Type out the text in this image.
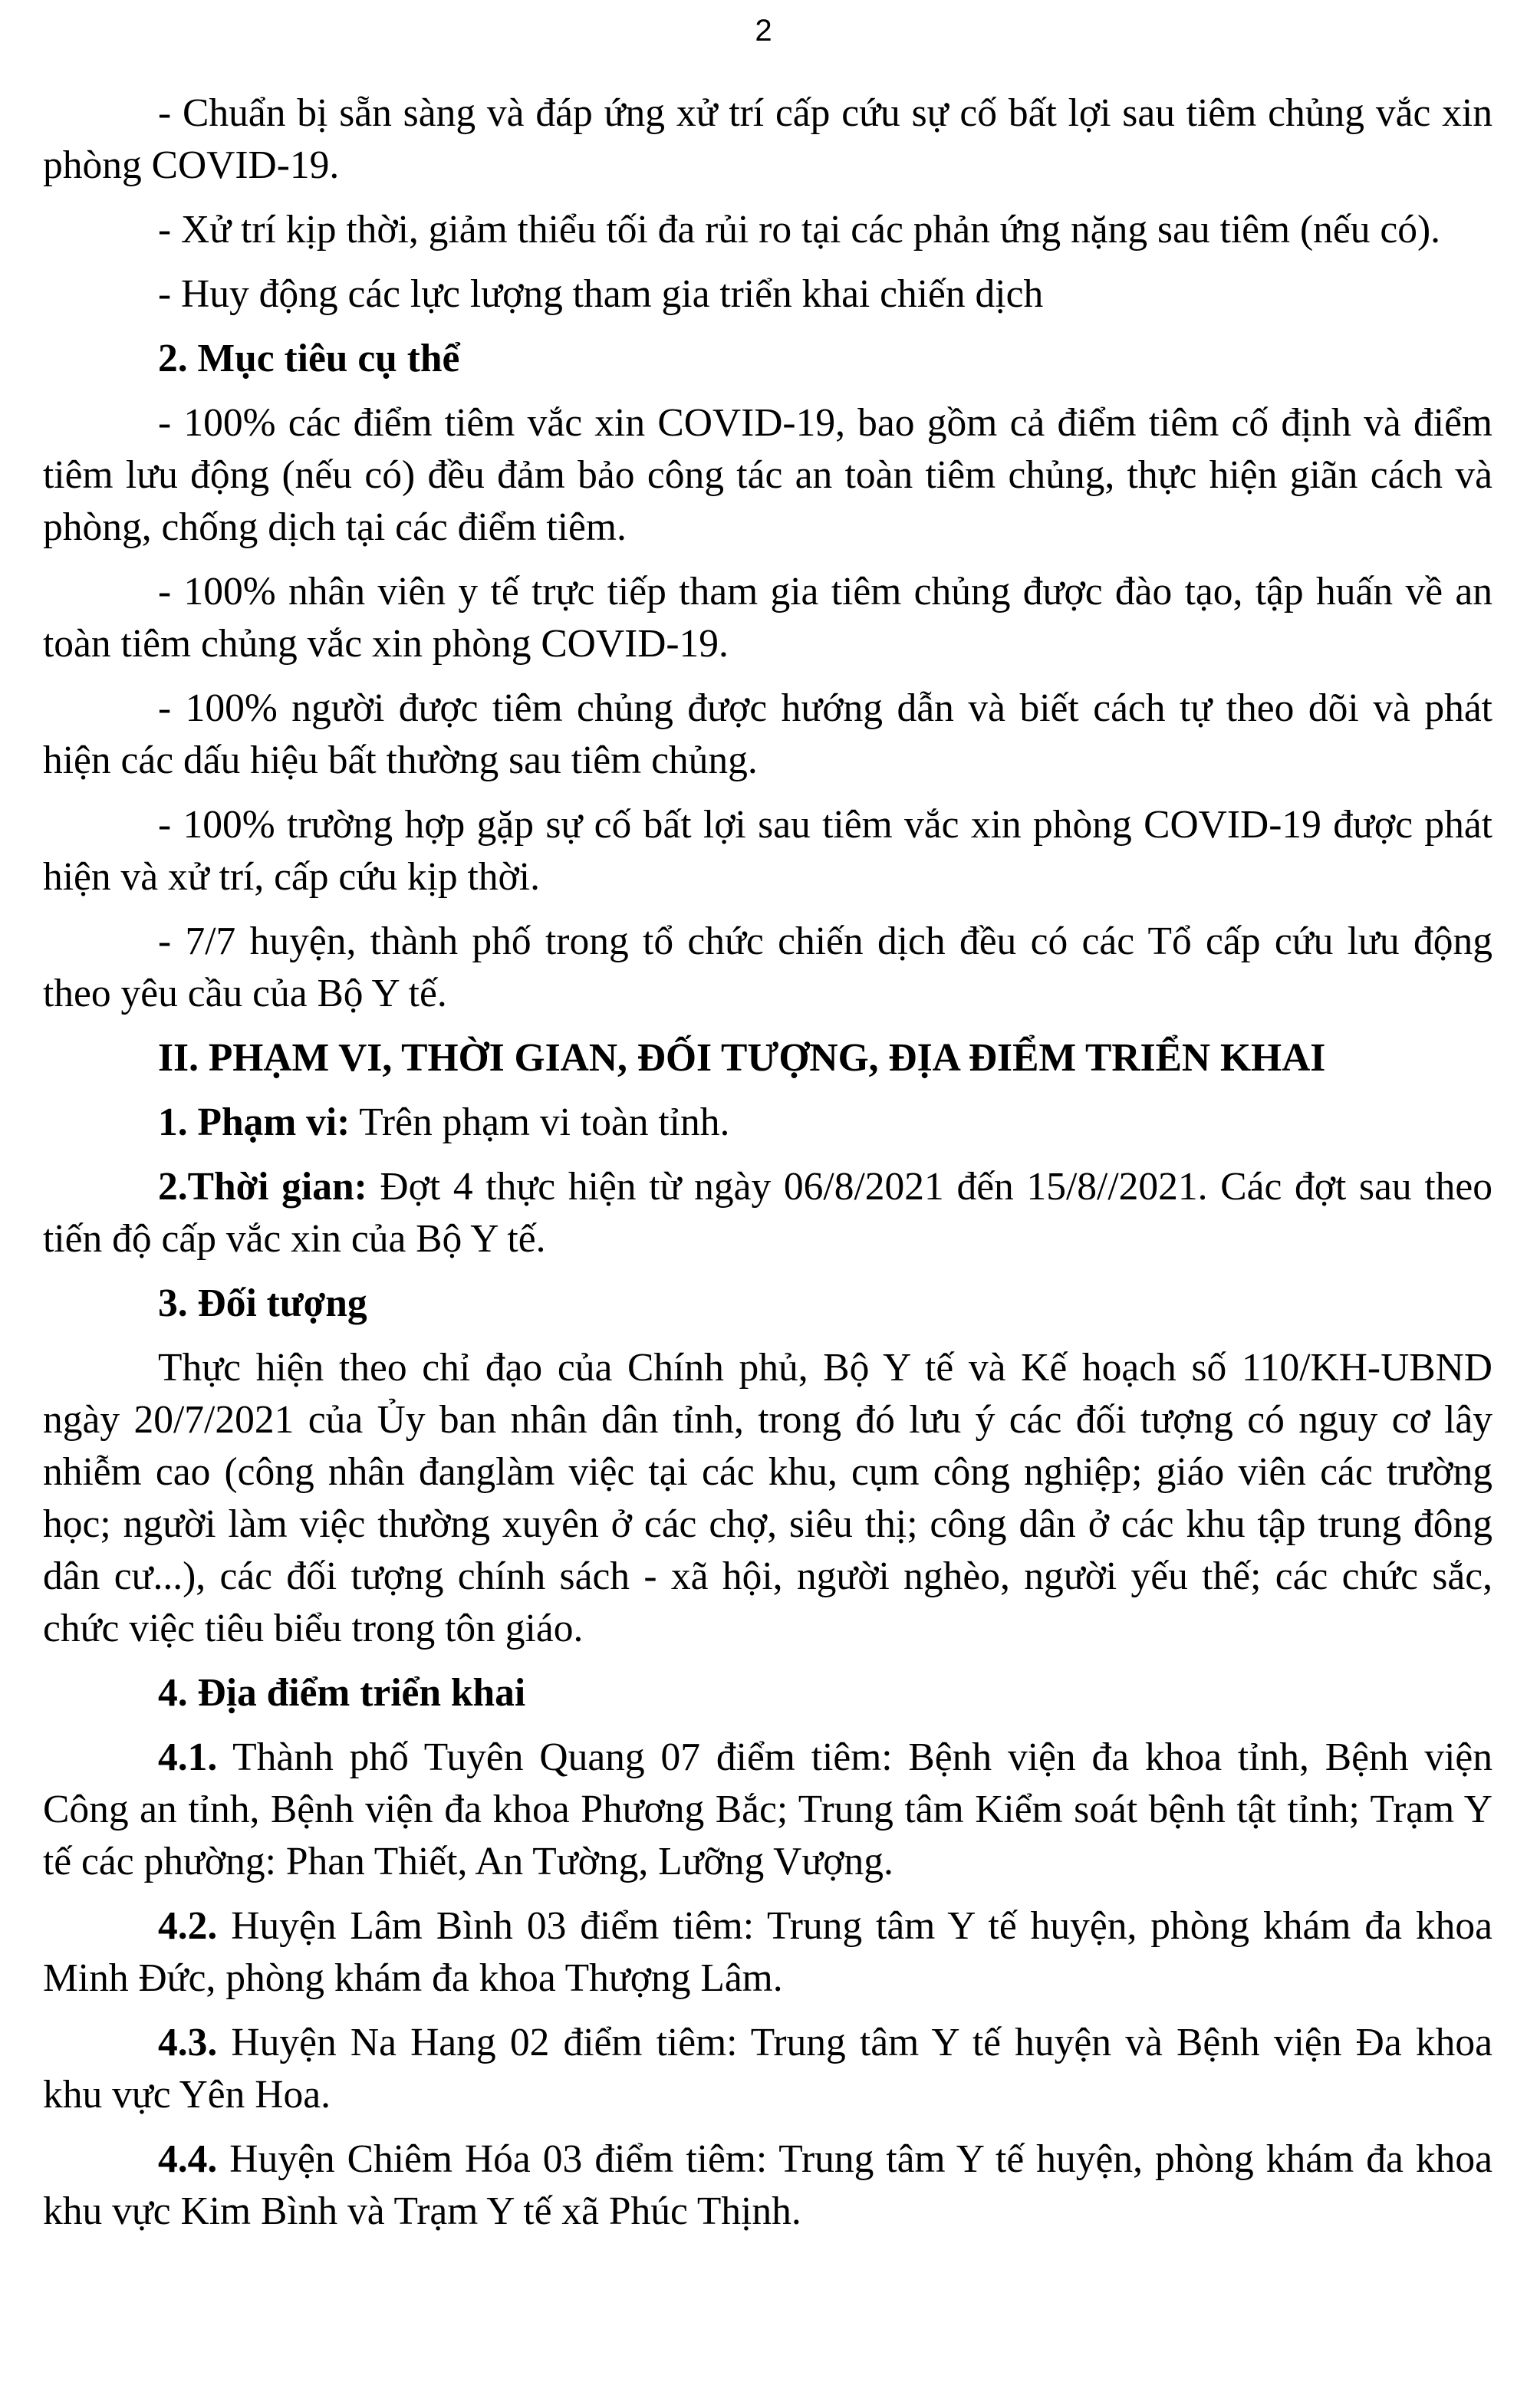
2

- Chuẩn bị sẵn sàng và đáp ứng xử trí cấp cứu sự cố bất lợi sau tiêm chủng vắc xin phòng COVID-19.

- Xử trí kịp thời, giảm thiểu tối đa rủi ro tại các phản ứng nặng sau tiêm (nếu có).

- Huy động các lực lượng tham gia triển khai chiến dịch

2. Mục tiêu cụ thể

- 100% các điểm tiêm vắc xin COVID-19, bao gồm cả điểm tiêm cố định và điểm tiêm lưu động (nếu có) đều đảm bảo công tác an toàn tiêm chủng, thực hiện giãn cách và phòng, chống dịch tại các điểm tiêm.

- 100% nhân viên y tế trực tiếp tham gia tiêm chủng được đào tạo, tập huấn về an toàn tiêm chủng vắc xin phòng COVID-19.

- 100% người được tiêm chủng được hướng dẫn và biết cách tự theo dõi và phát hiện các dấu hiệu bất thường sau tiêm chủng.

- 100% trường hợp gặp sự cố bất lợi sau tiêm vắc xin phòng COVID-19 được phát hiện và xử trí, cấp cứu kịp thời.

- 7/7 huyện, thành phố trong tổ chức chiến dịch đều có các Tổ cấp cứu lưu động theo yêu cầu của Bộ Y tế.

II. PHẠM VI, THỜI GIAN, ĐỐI TƯỢNG, ĐỊA ĐIỂM TRIỂN KHAI

1. Phạm vi: Trên phạm vi toàn tỉnh.

2.Thời gian: Đợt 4 thực hiện từ ngày 06/8/2021 đến 15/8//2021. Các đợt sau theo tiến độ cấp vắc xin của Bộ Y tế.

3. Đối tượng

Thực hiện theo chỉ đạo của Chính phủ, Bộ Y tế và Kế hoạch số 110/KH-UBND ngày 20/7/2021 của Ủy ban nhân dân tỉnh, trong đó lưu ý các đối tượng có nguy cơ lây nhiễm cao (công nhân đanglàm việc tại các khu, cụm công nghiệp; giáo viên các trường học; người làm việc thường xuyên ở các chợ, siêu thị; công dân ở các khu tập trung đông dân cư...), các đối tượng chính sách - xã hội, người nghèo, người yếu thế; các chức sắc, chức việc tiêu biểu trong tôn giáo.

4. Địa điểm triển khai

4.1. Thành phố Tuyên Quang 07 điểm tiêm: Bệnh viện đa khoa tỉnh, Bệnh viện Công an tỉnh, Bệnh viện đa khoa Phương Bắc; Trung tâm Kiểm soát bệnh tật tỉnh; Trạm Y tế các phường: Phan Thiết, An Tường, Lưỡng Vượng.

4.2. Huyện Lâm Bình 03 điểm tiêm: Trung tâm Y tế huyện, phòng khám đa khoa Minh Đức, phòng khám đa khoa Thượng Lâm.

4.3. Huyện Na Hang 02 điểm tiêm: Trung tâm Y tế huyện và Bệnh viện Đa khoa khu vực Yên Hoa.

4.4. Huyện Chiêm Hóa 03 điểm tiêm: Trung tâm Y tế huyện, phòng khám đa khoa khu vực Kim Bình và Trạm Y tế xã Phúc Thịnh.
